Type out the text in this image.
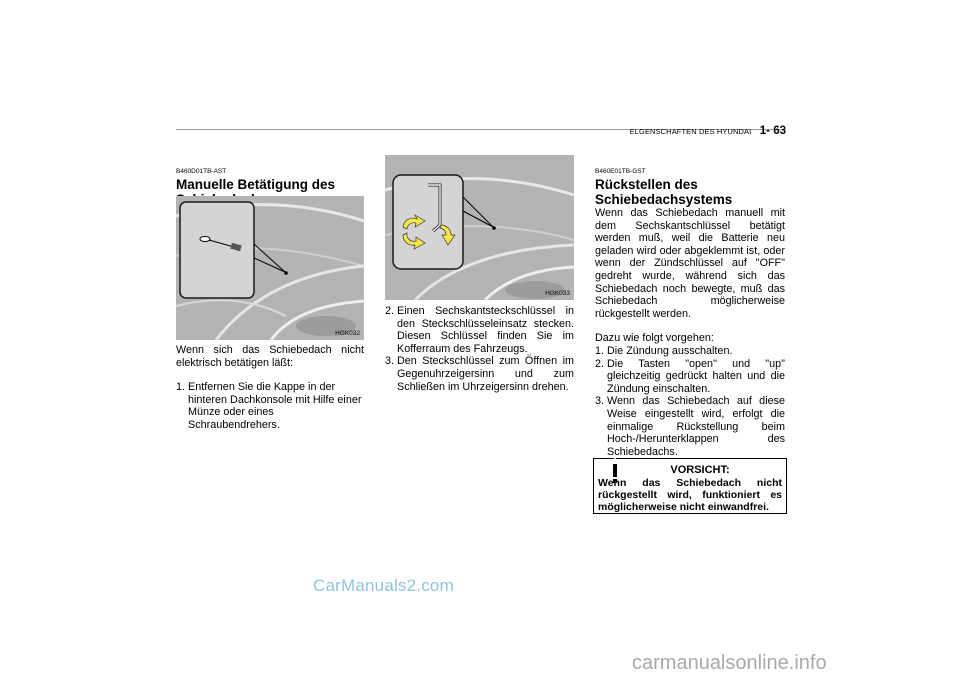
ELGENSCHAFTEN DES HYUNDAI 1- 63
B460D01TB-AST
Manuelle Betätigung des
HGK032

Wenn sich das Schiebedach nicht elektrisch betätigen läßt:

1. Entfernen Sie die Kappe in der hinteren Dachkonsole mit Hilfe einer Münze oder eines Schraubendrehers.
HGK033
2. Einen Sechskantsteckschlüssel in den Steckschlüsseleinsatz stecken. Diesen Schlüssel finden Sie im Kofferraum des Fahrzeugs.
3. Den Steckschlüssel zum Öffnen im Gegenuhrzeigersinn und zum Schließen im Uhrzeigersinn drehen.
B460E01TB-GST
Rückstellen des
Schiebedachsystems

Wenn das Schiebedach manuell mit dem Sechskantschlüssel betätigt werden muß, weil die Batterie neu geladen wird oder abgeklemmt ist, oder wenn der Zündschlüssel auf "OFF" gedreht wurde, während sich das Schiebedach noch bewegte, muß das Schiebedach möglicherweise rückgestellt werden.

Dazu wie folgt vorgehen:

1. Die Zündung ausschalten.
2. Die Tasten "open" und "up" gleichzeitig gedrückt halten und die Zündung einschalten.
3. Wenn das Schiebedach auf diese Weise eingestellt wird, erfolgt die einmalige Rückstellung beim Hoch-/Herunterklappen des Schiebedachs.
VORSICHT:
Wenn das Schiebedach nicht rückgestellt wird, funktioniert es möglicherweise nicht einwandfrei.
CarManuals2.com
carmanualsonline.info
